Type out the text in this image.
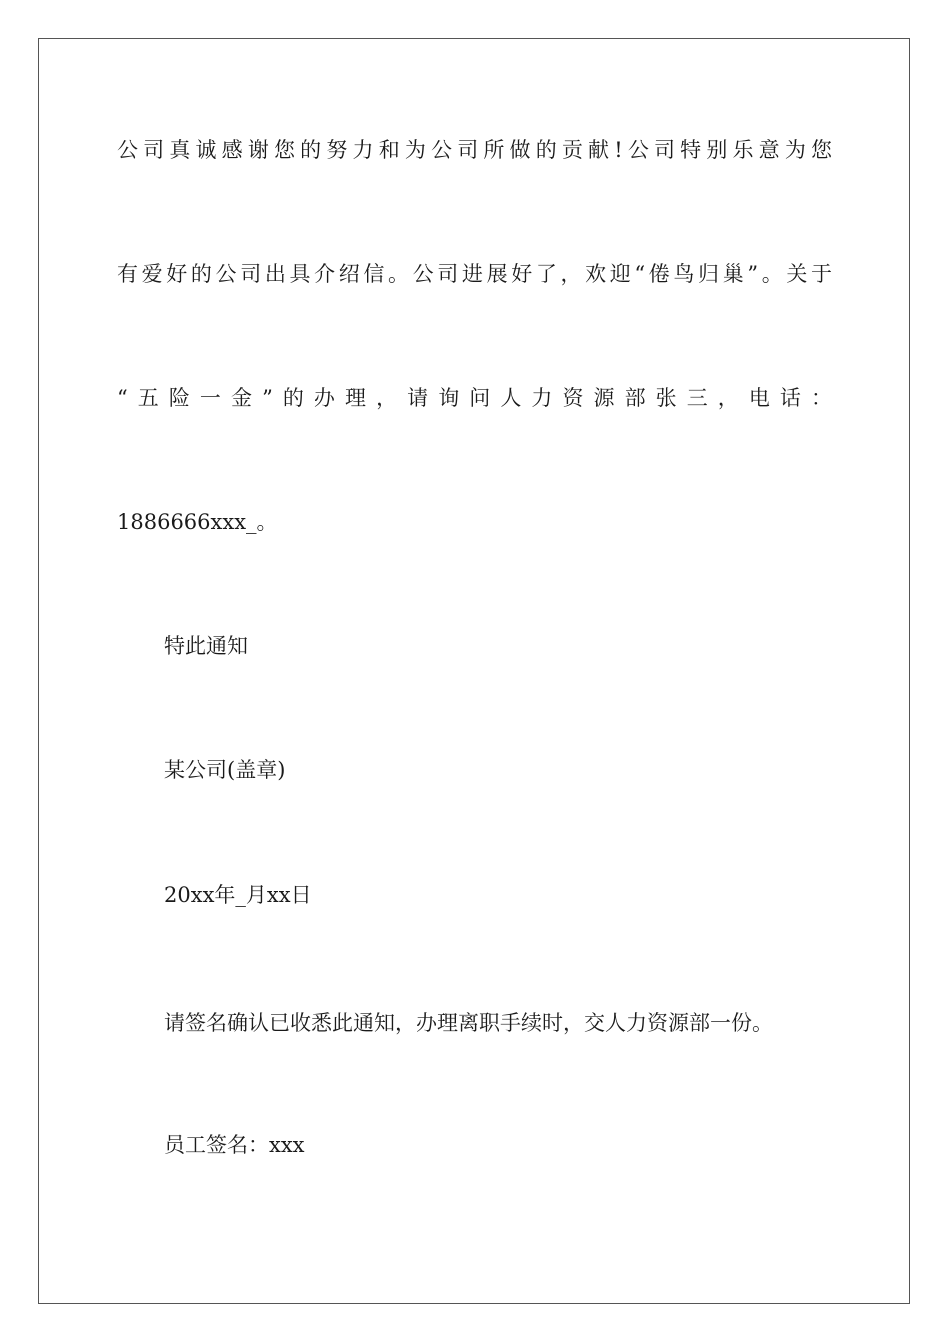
公司真诚感谢您的努力和为公司所做的贡献!公司特别乐意为您
有爱好的公司出具介绍信。公司进展好了，欢迎“倦鸟归巢”。关于
“五险一金”的办理，请询问人力资源部张三，电话：
1886666xxx_。
特此通知
某公司(盖章)
20xx年_月xx日
请签名确认已收悉此通知，办理离职手续时，交人力资源部一份。
员工签名：xxx
